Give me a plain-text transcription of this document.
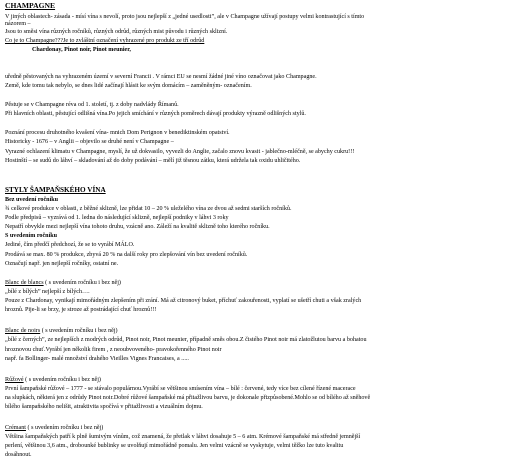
CHAMPAGNE
V jiných oblastech- zásada - mísí vína s nevolí, proto jsou nejlepší z „jedné usedlosti”, ale v Champagne užívají postupy velmi kontrastující s tímto
Jsou to směsi vína různých ročníků, různých odrůd, různých mist původu i různých sklizní.
Co je to Champagne???Je to zvláštní označení vyhrazené pro produkt ze tří odrůd
Chardonay, Pinot noir, Pinot meunier,
uředně pěstovaných na vyhrazeném území v severní Francii . V rámci EU se nesmí žádné jiné víno označovat jako Champagne.
Země, kde tomu tak nebylo, se dnes lidé začínají hlásit ke svým domácím – zaměněným- označením.
Pěstuje se v Champagne réva od 1. století, tj. z doby nadvlády Římanů.
Při hlavních oblasti, pěstující odlišná vína.Po jejich smíchání v různých poměrech dávají produkty výrazně odlišných stylů.
Poznání procesu druhotného kvašení vína- mnich Dom Perignon v benediktinském opatství.
Historicky - 1676 – v Anglii – objevilo se druhé není v Champagne –
Vyrazné ochlazení klimatu v Champagne, myslí, že už dokvasilo, vyvezli do Anglie, začalo znovu kvasit - jablečno-mléčně, se abychy cukru!!!
Hostinští – se sudů do láhví – skladování až do doby podávání – mělí již těsnou zátku, která udržela tak oxidu uhličitého.
STYLY ŠAMPAŇSKÉHO VÍNA
Bez uvedení ročníku
¾ celkové produkce v oblasti, z běžné sklizně, lze přidat 10 – 20 % uleželého vína ze dvou až sedmi starších ročníků.
Podle předpisů – vyzrává od 1. ledna do následující sklizně, nejlepší podniky v láhvi 3 roky
Nepatří obvykle mezi nejlepší vína tohoto druhu, vzácně ano. Záleží na kvalitě sklizně toho kterého ročníku.
S uvedením ročníku
Jediné, čím předčí předchozí, že se to vyrábí MÁLO.
Prodává se max. 80 % produkce, zbyvá 20 % na další roky pro zlepšování vín bez uvedení ročníků.
Označují např. jen nejlepší ročníky, ostatní ne.
Blanc de blancs ( s uvedením ročníku i bez něj)
„bílé z bílých” nejlepší z bílých….
Pouze z Chardonay, vynikají mimořádným zlepšením při zrání. Má až citronový buket, příchuť zakouřenosti, vyplatí se ušetří chuti a však zralých
hroznů. Pije-li se brzy, je stroze až postrádající chuť hroznů!!!
Blanc de noirs ( s uvedením ročníku i bez něj)
„bílé z černých”, ze nejlepších z modrých odrůd, Pinot noir, Pinot meunier, případně směs obou.Z čistého Pinot noir má zlatožlutou barvu a bohatou
hroznovou chuť.Vyrábí jen několik firem , z neoubvoveného- pravokořenného Pinot noir
např. fa Bollinger- malé množství drahého Vieilles Vignes Francaises, a .....
Růžové ( s uvedením ročníku i bez něj)
První šampaňské růžové – 1777 - se stávalo populárnou.Vyrábí se většinou smísením vína – bílé : červené, tedy více bez cílené řízené macerace
na slupkách, některá jen z odrůdy Pinot noir.Dobré růžové šampaňské má přitažlivou barvu, je dokonale přizpůsobené.Mohlo se od bílého až sněhově
bílého šampaňského nelišit, atraktivita spočívá v přitažlivosti a vizuálním dojmu.
Crémant ( s uvedením ročníku i bez něj)
Většina šampaňských patří k plně šumivým vínům, což znamená, že přetlak v láhvi dosahuje 5 – 6 atm. Krémové šampaňské má středně jemnější
perlení, většinou 3,6 atm., drobounké bublinky se uvolňují mimořádně pomalu. Jen velmi vzácně se vyskytuje, velmi těžko lze tuto kvalitu
dosáhnout.
názorem –
